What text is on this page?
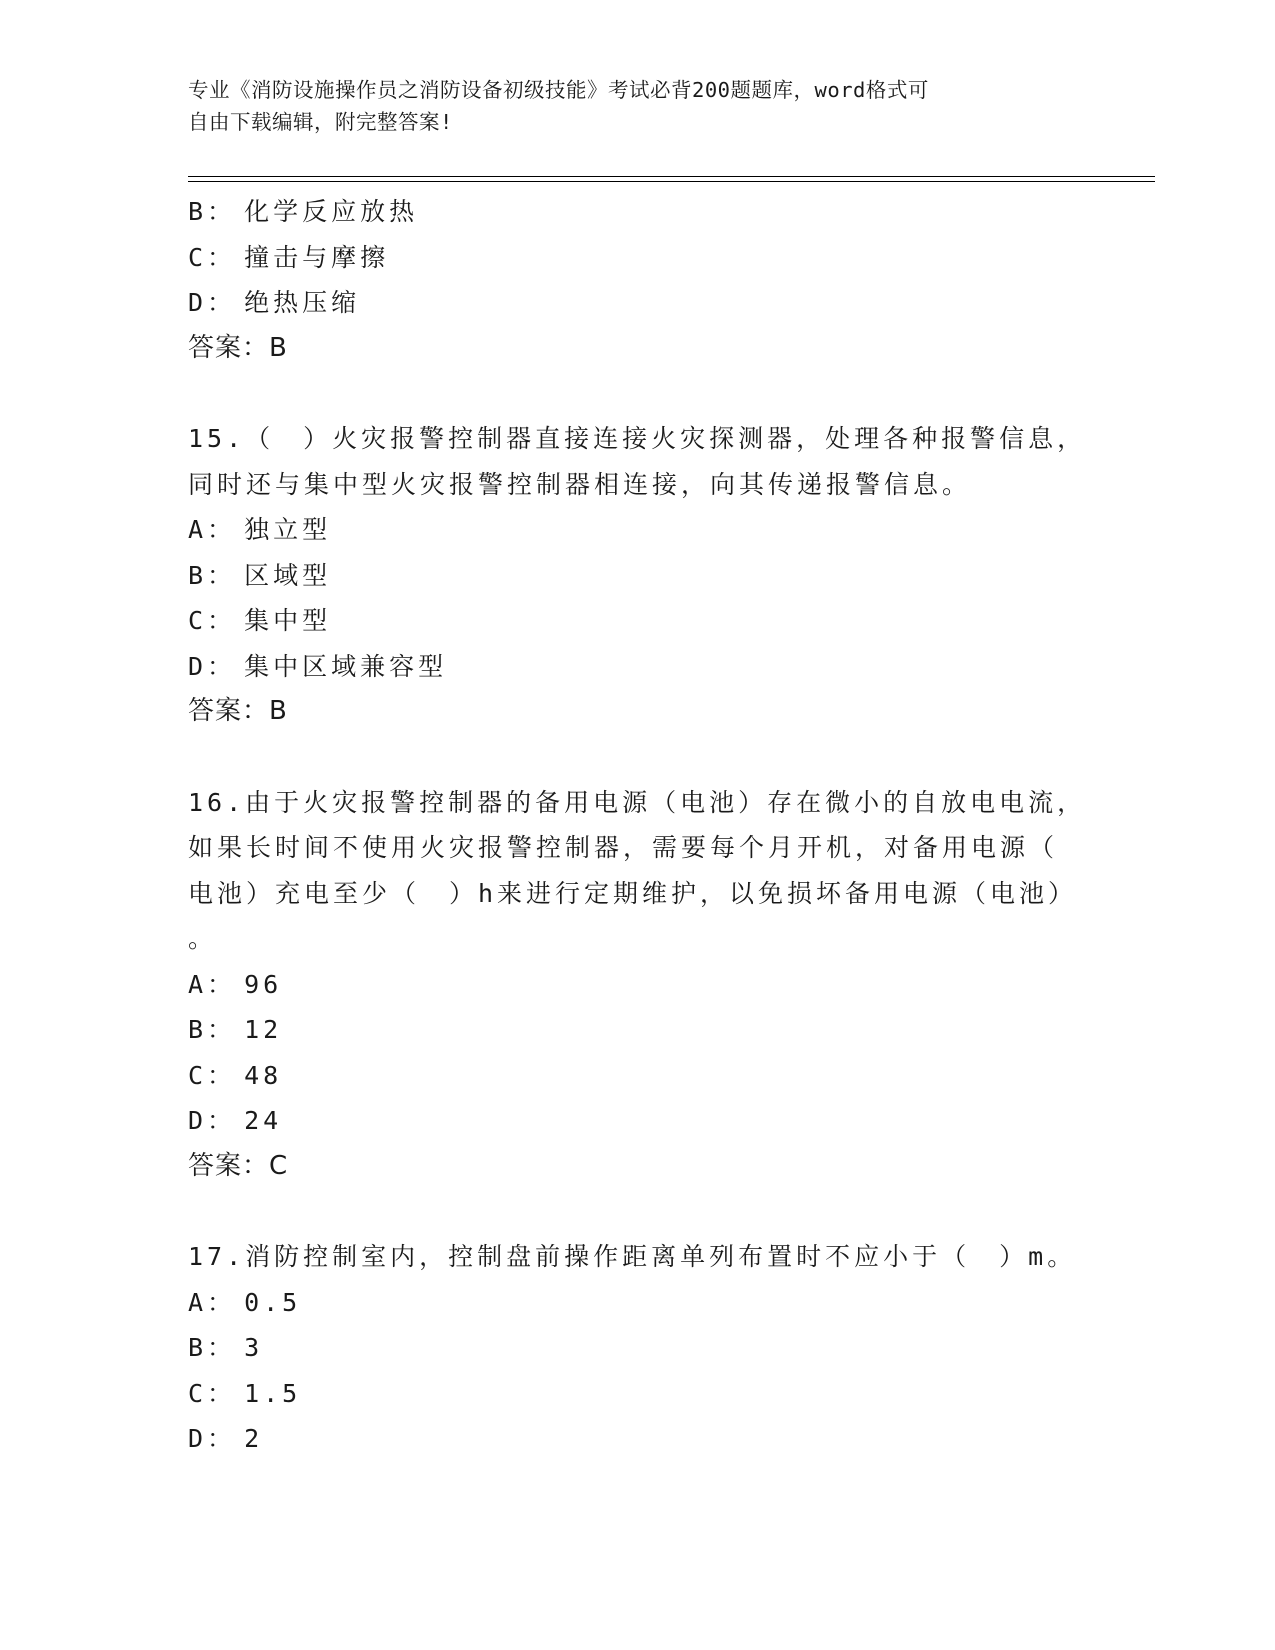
专业《消防设施操作员之消防设备初级技能》考试必背200题题库，word格式可
自由下载编辑，附完整答案!
B： 化学反应放热
C： 撞击与摩擦
D： 绝热压缩
答案：B
15.（　）火灾报警控制器直接连接火灾探测器，处理各种报警信息，
同时还与集中型火灾报警控制器相连接，向其传递报警信息。
A： 独立型
B： 区域型
C： 集中型
D： 集中区域兼容型
答案：B
16.由于火灾报警控制器的备用电源（电池）存在微小的自放电电流，
如果长时间不使用火灾报警控制器，需要每个月开机，对备用电源（
电池）充电至少（　）h来进行定期维护，以免损坏备用电源（电池）
。
A： 96
B： 12
C： 48
D： 24
答案：C
17.消防控制室内，控制盘前操作距离单列布置时不应小于（　）m。
A： 0.5
B： 3
C： 1.5
D： 2
